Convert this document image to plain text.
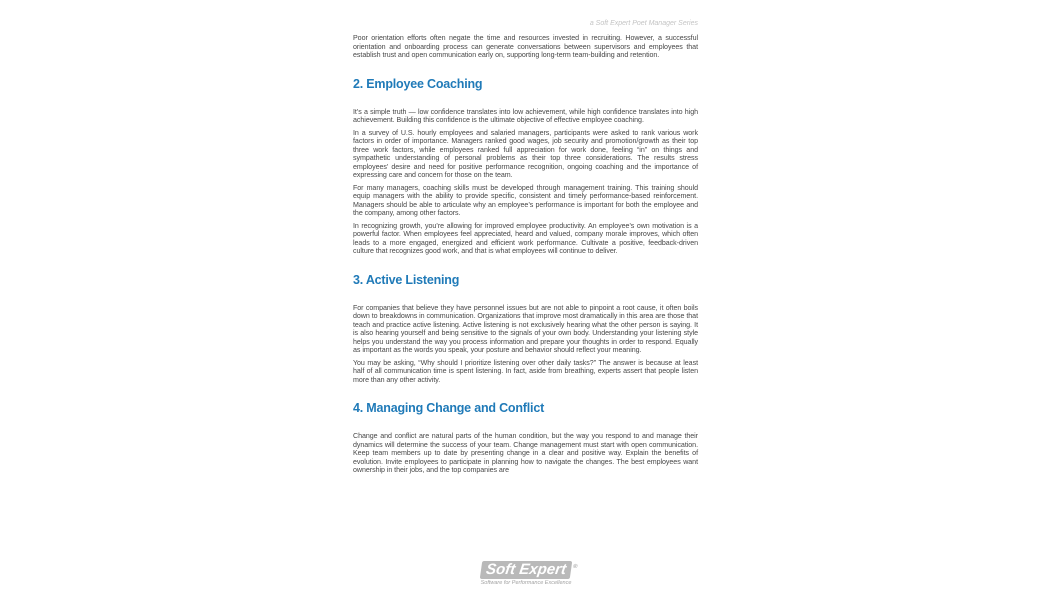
a Soft Expert Poet Manager Series

Poor orientation efforts often negate the time and resources invested in recruiting. However, a successful orientation and onboarding process can generate conversations between supervisors and employees that establish trust and open communication early on, supporting long-term team-building and retention.

2. Employee Coaching

It’s a simple truth — low confidence translates into low achievement, while high confidence translates into high achievement. Building this confidence is the ultimate objective of effective employee coaching.

In a survey of U.S. hourly employees and salaried managers, participants were asked to rank various work factors in order of importance. Managers ranked good wages, job security and promotion/growth as their top three work factors, while employees ranked full appreciation for work done, feeling “in” on things and sympathetic understanding of personal problems as their top three considerations. The results stress employees’ desire and need for positive performance recognition, ongoing coaching and the importance of expressing care and concern for those on the team.

For many managers, coaching skills must be developed through management training. This training should equip managers with the ability to provide specific, consistent and timely performance-based reinforcement. Managers should be able to articulate why an employee’s performance is important for both the employee and the company, among other factors.

In recognizing growth, you’re allowing for improved employee productivity. An employee’s own motivation is a powerful factor. When employees feel appreciated, heard and valued, company morale improves, which often leads to a more engaged, energized and efficient work performance. Cultivate a positive, feedback-driven culture that recognizes good work, and that is what employees will continue to deliver.

3. Active Listening

For companies that believe they have personnel issues but are not able to pinpoint a root cause, it often boils down to breakdowns in communication. Organizations that improve most dramatically in this area are those that teach and practice active listening. Active listening is not exclusively hearing what the other person is saying. It is also hearing yourself and being sensitive to the signals of your own body. Understanding your listening style helps you understand the way you process information and prepare your thoughts in order to respond. Equally as important as the words you speak, your posture and behavior should reflect your meaning.

You may be asking, “Why should I prioritize listening over other daily tasks?” The answer is because at least half of all communication time is spent listening. In fact, aside from breathing, experts assert that people listen more than any other activity.

4. Managing Change and Conflict

Change and conflict are natural parts of the human condition, but the way you respond to and manage their dynamics will determine the success of your team. Change management must start with open communication. Keep team members up to date by presenting change in a clear and positive way. Explain the benefits of evolution. Invite employees to participate in planning how to navigate the changes. The best employees want ownership in their jobs, and the top companies are

Soft Expert ®
Software for Performance Excellence
